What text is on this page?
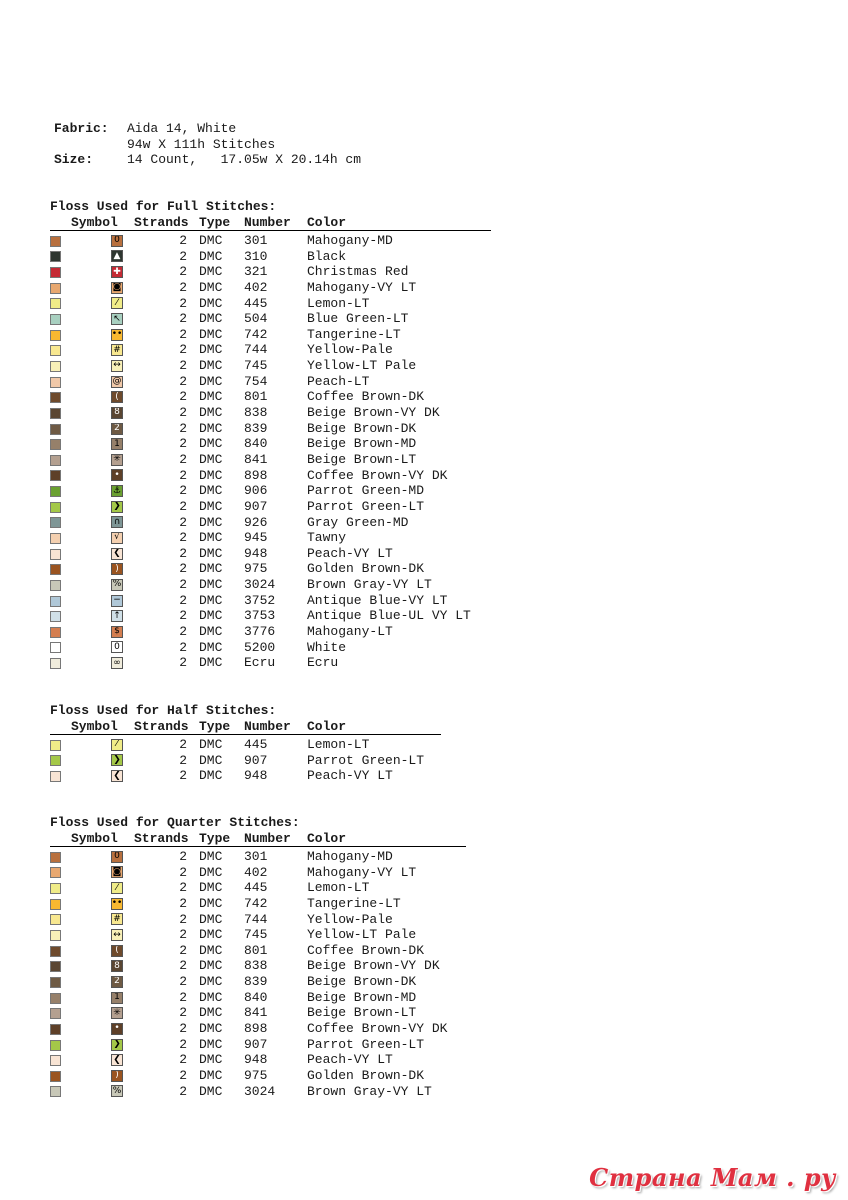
Fabric:	Aida 14, White
94w X 111h Stitches
Size:	14 Count,   17.05w X 20.14h cm
Floss Used for Full Stitches:
Symbol	Strands Type	Number	Color
0	2 DMC	301	Mahogany-MD
▲	2 DMC	310	Black
✚	2 DMC	321	Christmas Red
◙	2 DMC	402	Mahogany-VY LT
⁄	2 DMC	445	Lemon-LT
↖	2 DMC	504	Blue Green-LT
••	2 DMC	742	Tangerine-LT
#	2 DMC	744	Yellow-Pale
↔	2 DMC	745	Yellow-LT Pale
@	2 DMC	754	Peach-LT
(	2 DMC	801	Coffee Brown-DK
8	2 DMC	838	Beige Brown-VY DK
2	2 DMC	839	Beige Brown-DK
1	2 DMC	840	Beige Brown-MD
✳	2 DMC	841	Beige Brown-LT
•	2 DMC	898	Coffee Brown-VY DK
⚓	2 DMC	906	Parrot Green-MD
❯	2 DMC	907	Parrot Green-LT
∩	2 DMC	926	Gray Green-MD
√	2 DMC	945	Tawny
❮	2 DMC	948	Peach-VY LT
)	2 DMC	975	Golden Brown-DK
%	2 DMC	3024	Brown Gray-VY LT
−	2 DMC	3752	Antique Blue-VY LT
↑	2 DMC	3753	Antique Blue-UL VY LT
$	2 DMC	3776	Mahogany-LT
0	2 DMC	5200	White
∞	2 DMC	Ecru	Ecru
Floss Used for Half Stitches:
Symbol	Strands Type	Number	Color
⁄	2 DMC	445	Lemon-LT
❯	2 DMC	907	Parrot Green-LT
❮	2 DMC	948	Peach-VY LT
Floss Used for Quarter Stitches:
Symbol	Strands Type	Number	Color
0	2 DMC	301	Mahogany-MD
◙	2 DMC	402	Mahogany-VY LT
⁄	2 DMC	445	Lemon-LT
••	2 DMC	742	Tangerine-LT
#	2 DMC	744	Yellow-Pale
↔	2 DMC	745	Yellow-LT Pale
(	2 DMC	801	Coffee Brown-DK
8	2 DMC	838	Beige Brown-VY DK
2	2 DMC	839	Beige Brown-DK
1	2 DMC	840	Beige Brown-MD
✳	2 DMC	841	Beige Brown-LT
•	2 DMC	898	Coffee Brown-VY DK
❯	2 DMC	907	Parrot Green-LT
❮	2 DMC	948	Peach-VY LT
)	2 DMC	975	Golden Brown-DK
%	2 DMC	3024	Brown Gray-VY LT
Страна Мам . ру
